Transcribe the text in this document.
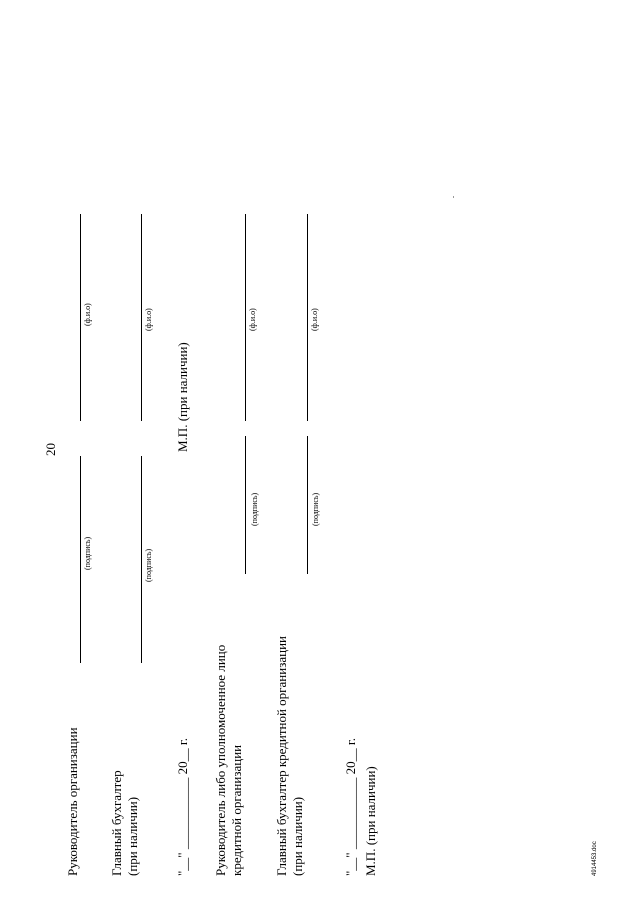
20
Руководитель организации
(подпись)
(ф.и.о)
Главный бухгалтер (при наличии)
(подпись)
(ф.и.о)
"__" ___________ 20__ г.
М.П. (при наличии)
Руководитель либо уполномоченное лицо кредитной организации
(подпись)
(ф.и.о)
Главный бухгалтер кредитной организации (при наличии)
(подпись)
(ф.и.о)
"__" ___________ 20__ г. М.П. (при наличии)	4914453.doc
